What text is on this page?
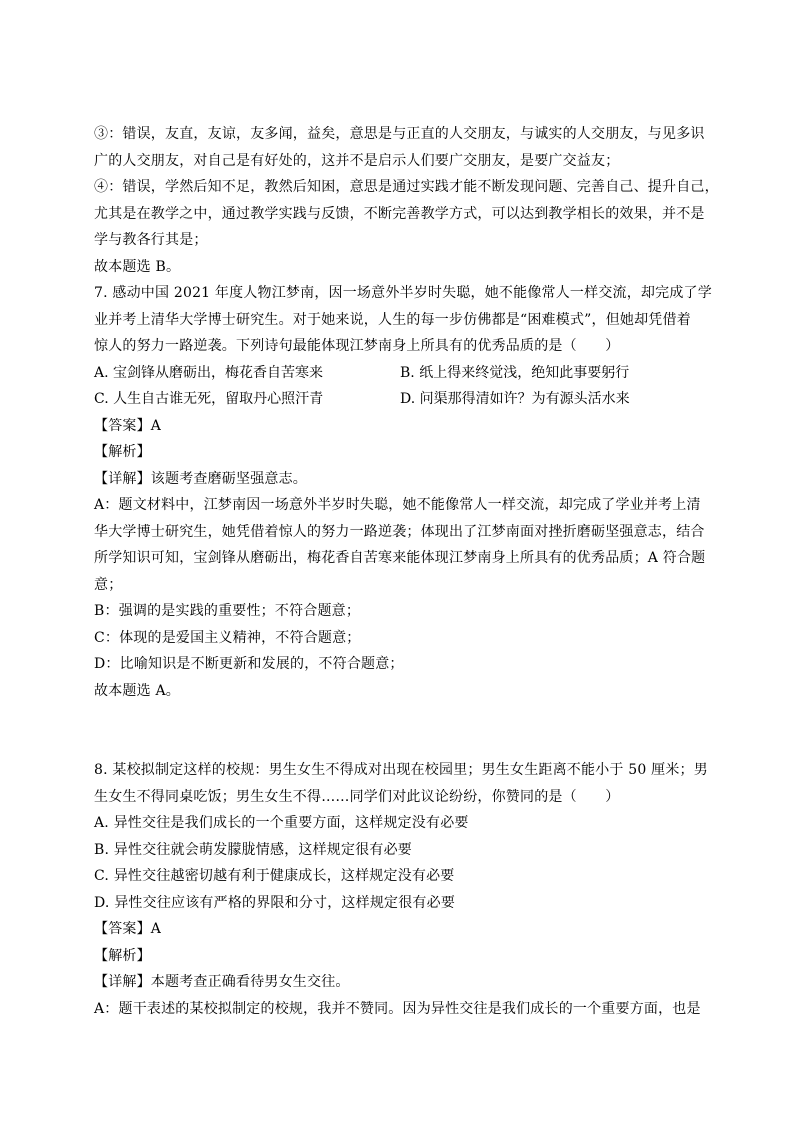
③：错误，友直，友谅，友多闻，益矣，意思是与正直的人交朋友，与诚实的人交朋友，与见多识
广的人交朋友，对自己是有好处的，这并不是启示人们要广交朋友，是要广交益友；
④：错误，学然后知不足，教然后知困，意思是通过实践才能不断发现问题、完善自己、提升自己，
尤其是在教学之中，通过教学实践与反馈，不断完善教学方式，可以达到教学相长的效果，并不是
学与教各行其是；
故本题选 B。
7. 感动中国 2021 年度人物江梦南，因一场意外半岁时失聪，她不能像常人一样交流，却完成了学
业并考上清华大学博士研究生。对于她来说，人生的每一步仿佛都是“困难模式”，但她却凭借着
惊人的努力一路逆袭。下列诗句最能体现江梦南身上所具有的优秀品质的是（　　）
A. 宝剑锋从磨砺出，梅花香自苦寒来	B. 纸上得来终觉浅，绝知此事要躬行
C. 人生自古谁无死，留取丹心照汗青	D. 问渠那得清如许？为有源头活水来
【答案】A
【解析】
【详解】该题考查磨砺坚强意志。
A：题文材料中，江梦南因一场意外半岁时失聪，她不能像常人一样交流，却完成了学业并考上清
华大学博士研究生，她凭借着惊人的努力一路逆袭；体现出了江梦南面对挫折磨砺坚强意志，结合
所学知识可知，宝剑锋从磨砺出，梅花香自苦寒来能体现江梦南身上所具有的优秀品质；A 符合题
意；
B：强调的是实践的重要性；不符合题意；
C：体现的是爱国主义精神，不符合题意；
D：比喻知识是不断更新和发展的，不符合题意；
故本题选 A。
8. 某校拟制定这样的校规：男生女生不得成对出现在校园里；男生女生距离不能小于 50 厘米；男
生女生不得同桌吃饭；男生女生不得……同学们对此议论纷纷，你赞同的是（　　）
A. 异性交往是我们成长的一个重要方面，这样规定没有必要
B. 异性交往就会萌发朦胧情感，这样规定很有必要
C. 异性交往越密切越有利于健康成长，这样规定没有必要
D. 异性交往应该有严格的界限和分寸，这样规定很有必要
【答案】A
【解析】
【详解】本题考查正确看待男女生交往。
A：题干表述的某校拟制定的校规，我并不赞同。因为异性交往是我们成长的一个重要方面，也是
